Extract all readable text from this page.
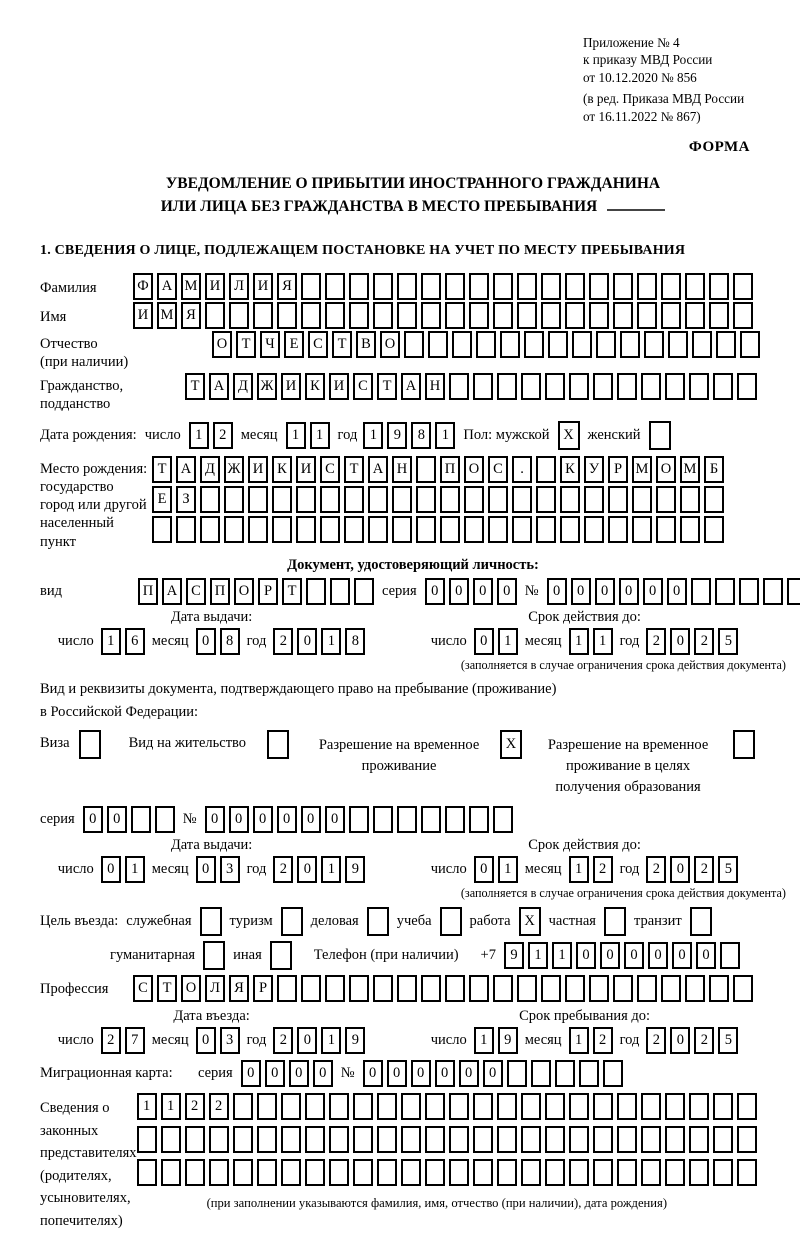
Приложение № 4
к приказу МВД России
от 10.12.2020 № 856
(в ред. Приказа МВД России
от 16.11.2022 № 867)
ФОРМА
УВЕДОМЛЕНИЕ О ПРИБЫТИИ ИНОСТРАННОГО ГРАЖДАНИНА
ИЛИ ЛИЦА БЕЗ ГРАЖДАНСТВА В МЕСТО ПРЕБЫВАНИЯ
1. СВЕДЕНИЯ О ЛИЦЕ, ПОДЛЕЖАЩЕМ ПОСТАНОВКЕ НА УЧЕТ ПО МЕСТУ ПРЕБЫВАНИЯ
Фамилия	Ф А М И Л И Я
Имя	И М Я
Отчество
(при наличии)
О Т	Ч	Е	С	Т	В О
Гражданство,
подданство
Т А Д Ж И К И С	Т А Н
Дата рождения: число 1	2 месяц 1	1 год 1	9	8	1 Пол: мужской X женский
Место рождения:
государство
город или другой
населенный пункт
Т А Д Ж И К И С	Т А Н	П О С	.	К У	Р М О М Б

Е	З

Документ, удостоверяющий личность:
вид	П А С П О	Р	Т	серия 0	0	0	0 № 0	0	0	0	0	0
Дата выдачи:
число 1	6 месяц 0	8 год 2	0	1	8
Срок действия до:
число 0	1 месяц 1	1 год 2	0	2	5
(заполняется в случае ограничения срока действия документа)
Вид и реквизиты документа, подтверждающего право на пребывание (проживание)
в Российской Федерации:
Виза	Вид на жительство	Разрешение на временное проживание
X	Разрешение на временное проживание в целях получения образования
серия 0	0	№ 0	0	0	0	0	0
Дата выдачи:
число 0	1 месяц 0	3 год 2	0	1	9
Срок действия до:
число 0	1 месяц 1	2 год 2	0	2	5
(заполняется в случае ограничения срока действия документа)
Цель въезда: служебная	туризм	деловая	учеба	работа X частная	транзит
гуманитарная	иная	Телефон (при наличии) +7 9	1	1	0	0	0	0	0	0
Профессия	С	Т О Л Я	Р
Дата въезда:
число 2	7 месяц 0	3 год 2	0	1	9
Срок пребывания до:
число 1	9 месяц 1	2 год 2	0	2	5
Миграционная карта:	серия 0	0	0	0 № 0	0	0	0	0	0
Сведения о
законных
представителях
(родителях,
усыновителях,
попечителях)
1	1	2	2

(при заполнении указываются фамилия, имя, отчество (при наличии), дата рождения)
